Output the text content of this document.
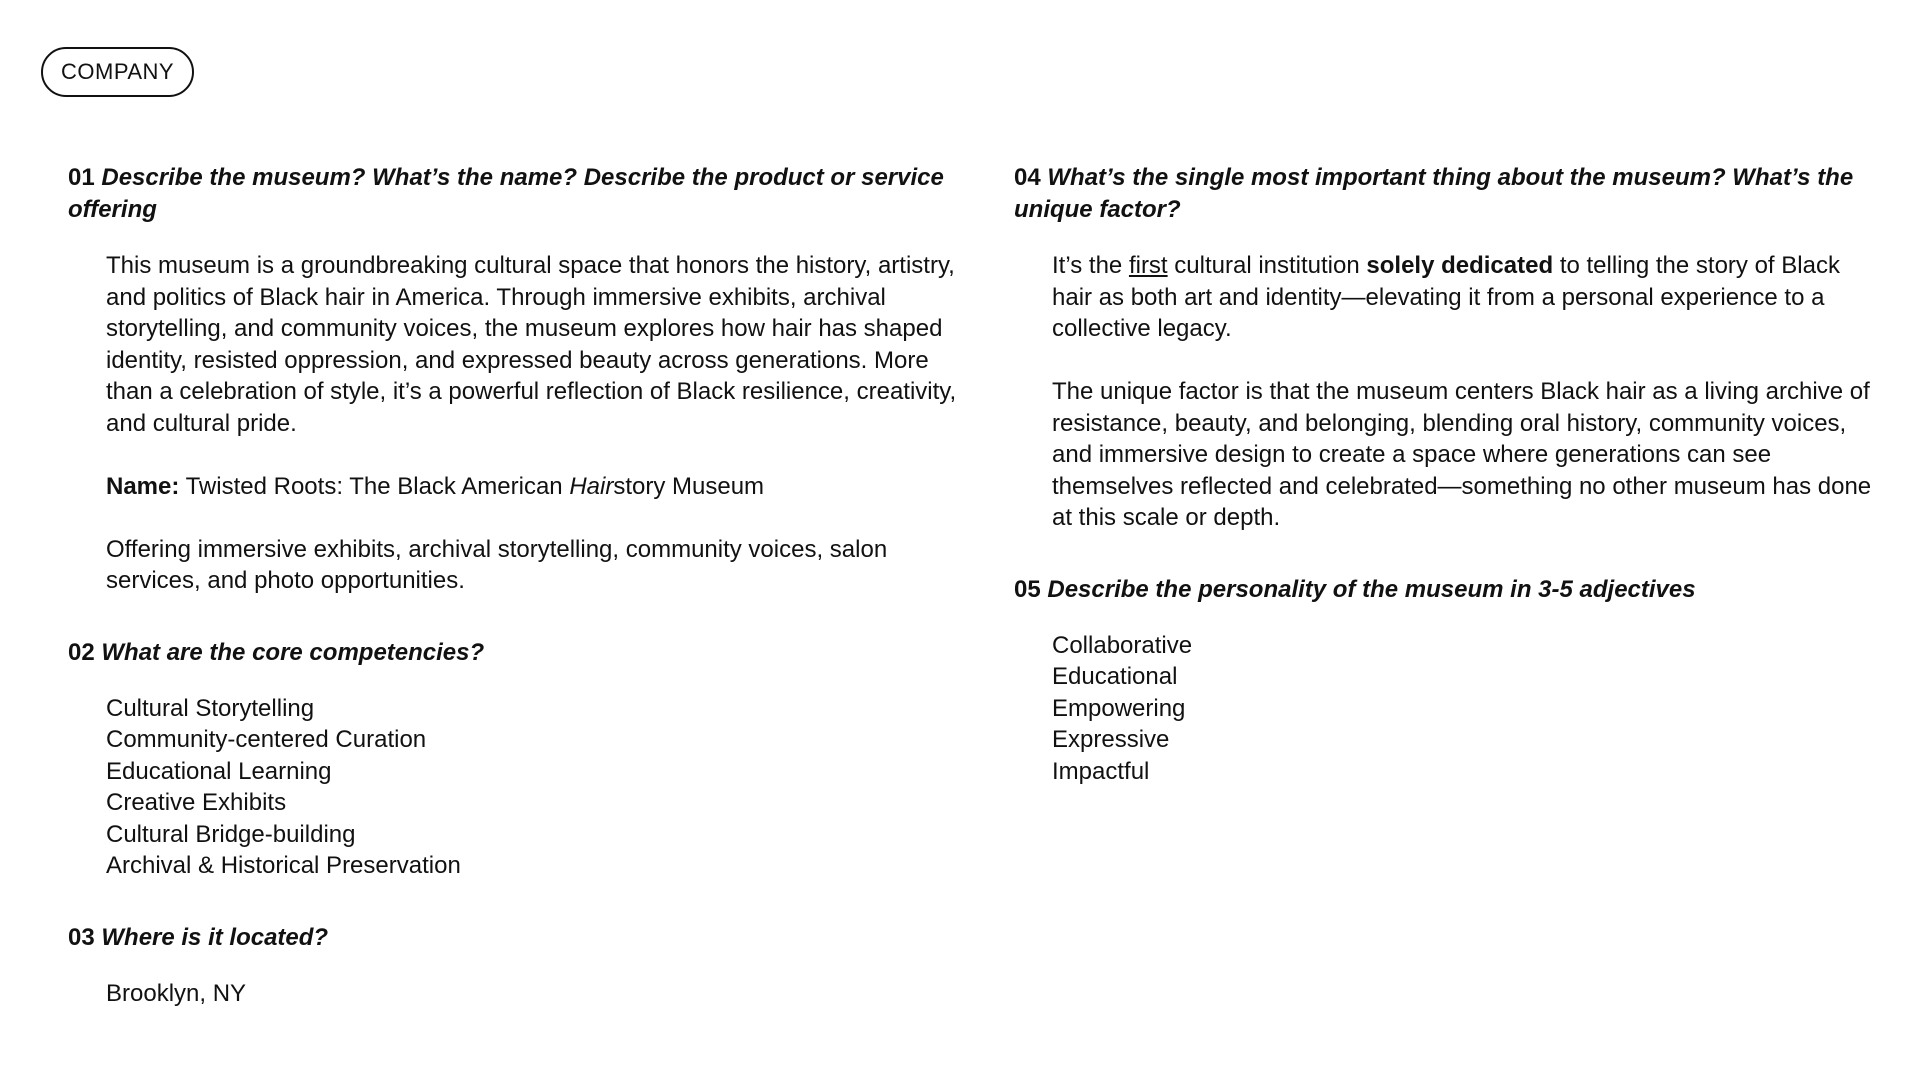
COMPANY
01 Describe the museum? What’s the name? Describe the product or service offering

This museum is a groundbreaking cultural space that honors the history, artistry, and politics of Black hair in America. Through immersive exhibits, archival storytelling, and community voices, the museum explores how hair has shaped identity, resisted oppression, and expressed beauty across generations. More than a celebration of style, it’s a powerful reflection of Black resilience, creativity, and cultural pride.

Name: Twisted Roots: The Black American Hairstory Museum

Offering immersive exhibits, archival storytelling, community voices, salon services, and photo opportunities.

02 What are the core competencies?

Cultural Storytelling

Community-centered Curation

Educational Learning

Creative Exhibits

Cultural Bridge-building

Archival & Historical Preservation

03 Where is it located?

Brooklyn, NY

04 What’s the single most important thing about the museum? What’s the unique factor?

It’s the first cultural institution solely dedicated to telling the story of Black hair as both art and identity—elevating it from a personal experience to a collective legacy.

The unique factor is that the museum centers Black hair as a living archive of resistance, beauty, and belonging, blending oral history, community voices, and immersive design to create a space where generations can see themselves reflected and celebrated—something no other museum has done at this scale or depth.

05 Describe the personality of the museum in 3-5 adjectives

Collaborative

Educational

Empowering

Expressive

Impactful
